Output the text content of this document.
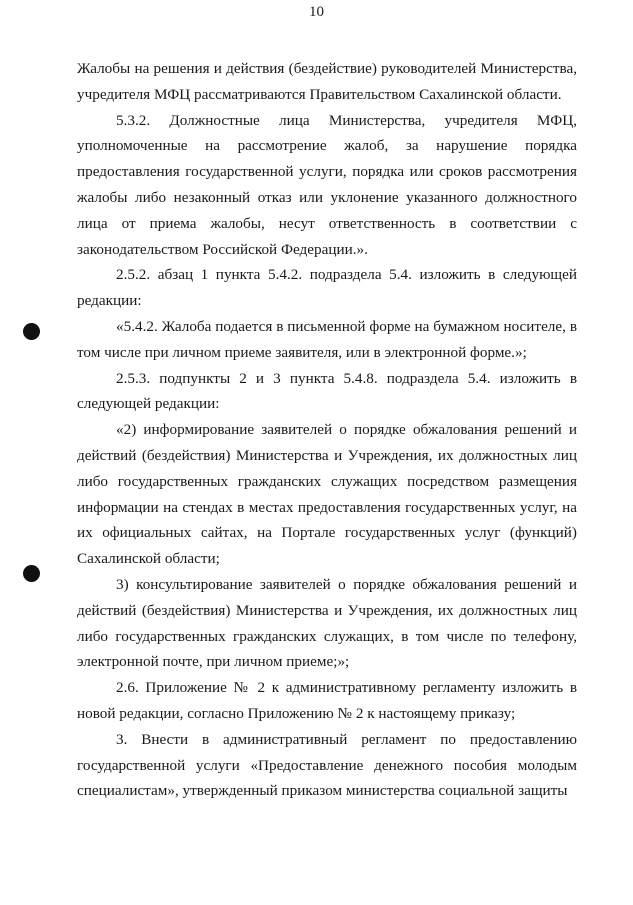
10

Жалобы на решения и действия (бездействие) руководителей Министерства, учредителя МФЦ рассматриваются Правительством Сахалинской области.

5.3.2. Должностные лица Министерства, учредителя МФЦ, уполномоченные на рассмотрение жалоб, за нарушение порядка предоставления государственной услуги, порядка или сроков рассмотрения жалобы либо незаконный отказ или уклонение указанного должностного лица от приема жалобы, несут ответственность в соответствии с законодательством Российской Федерации.».

2.5.2. абзац 1 пункта 5.4.2. подраздела 5.4. изложить в следующей редакции:

«5.4.2. Жалоба подается в письменной форме на бумажном носителе, в том числе при личном приеме заявителя, или в электронной форме.»;

2.5.3. подпункты 2 и 3 пункта 5.4.8. подраздела 5.4. изложить в следующей редакции:

«2) информирование заявителей о порядке обжалования решений и действий (бездействия) Министерства и Учреждения, их должностных лиц либо государственных гражданских служащих посредством размещения информации на стендах в местах предоставления государственных услуг, на их официальных сайтах, на Портале государственных услуг (функций) Сахалинской области;

3) консультирование заявителей о порядке обжалования решений и действий (бездействия) Министерства и Учреждения, их должностных лиц либо государственных гражданских служащих, в том числе по телефону, электронной почте, при личном приеме;»;

2.6. Приложение № 2 к административному регламенту изложить в новой редакции, согласно Приложению № 2 к настоящему приказу;

3. Внести в административный регламент по предоставлению государственной услуги «Предоставление денежного пособия молодым специалистам», утвержденный приказом министерства социальной защиты
